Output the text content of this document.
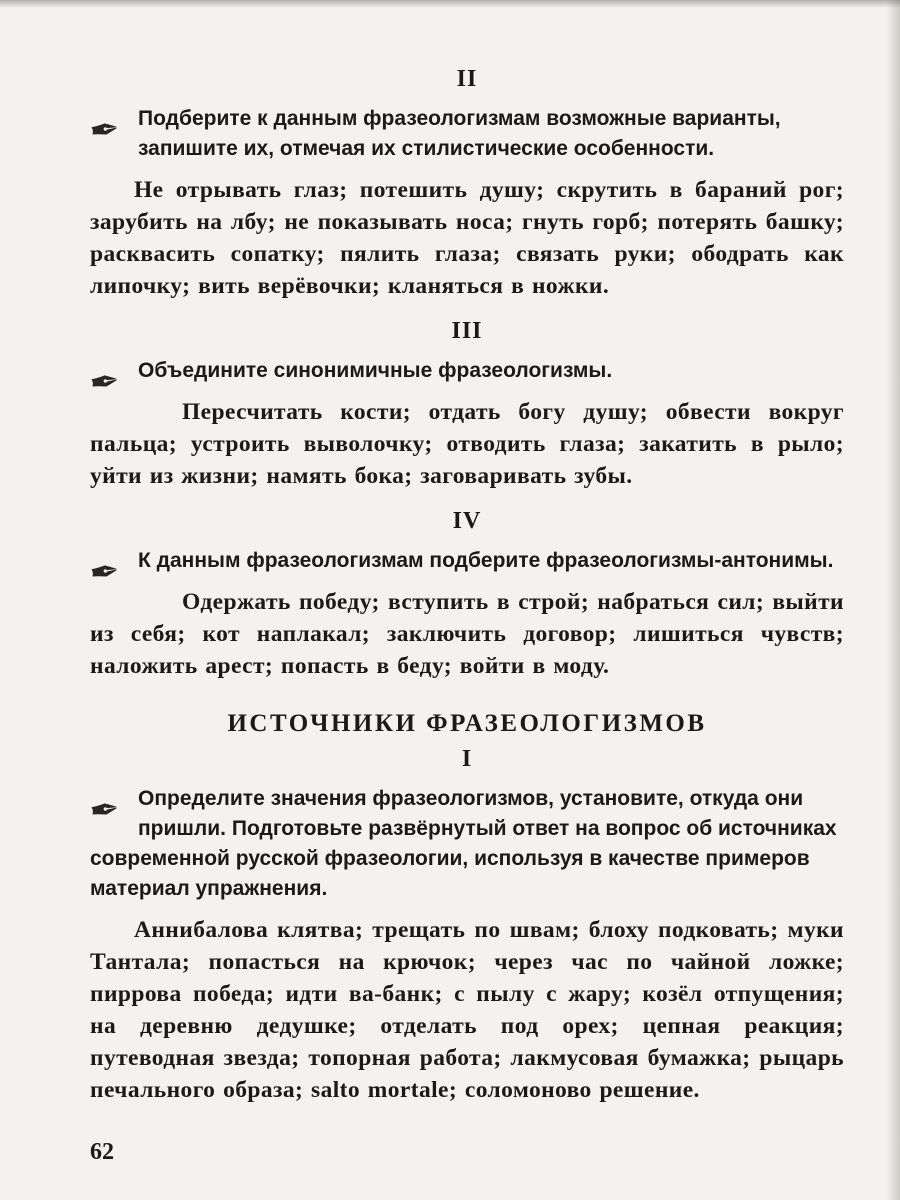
II
✒ Подберите к данным фразеологизмам возможные варианты, запишите их, отмечая их стилистические особенности.

Не отрывать глаз; потешить душу; скрутить в бараний рог; зарубить на лбу; не показывать носа; гнуть горб; потерять башку; расквасить сопатку; пялить глаза; связать руки; ободрать как липочку; вить верёвочки; кланяться в ножки.

III
✒ Объедините синонимичные фразеологизмы.

Пересчитать кости; отдать богу душу; обвести вокруг пальца; устроить выволочку; отводить глаза; закатить в рыло; уйти из жизни; намять бока; заговаривать зубы.

IV
✒ К данным фразеологизмам подберите фразеологизмы-антонимы.

Одержать победу; вступить в строй; набраться сил; выйти из себя; кот наплакал; заключить договор; лишиться чувств; наложить арест; попасть в беду; войти в моду.

ИСТОЧНИКИ ФРАЗЕОЛОГИЗМОВ
I
✒ Определите значения фразеологизмов, установите, откуда они пришли. Подготовьте развёрнутый ответ на вопрос об источниках современной русской фразеологии, используя в качестве примеров материал упражнения.

Аннибалова клятва; трещать по швам; блоху подковать; муки Тантала; попасться на крючок; через час по чайной ложке; пиррова победа; идти ва-банк; с пылу с жару; козёл отпущения; на деревню дедушке; отделать под орех; цепная реакция; путеводная звезда; топорная работа; лакмусовая бумажка; рыцарь печального образа; salto mortale; соломоново решение.

62
